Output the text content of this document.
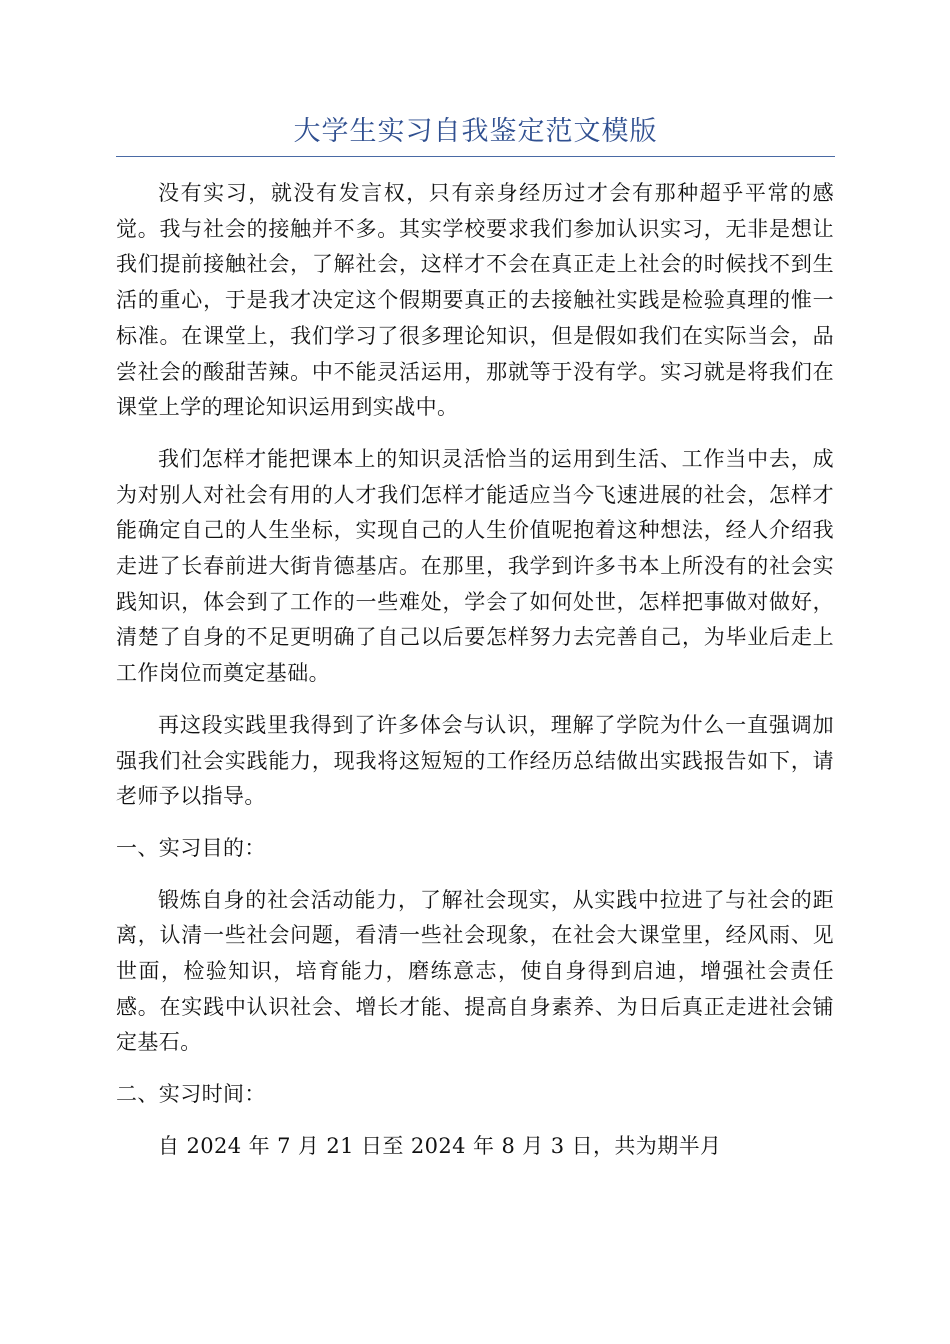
大学生实习自我鉴定范文模版

没有实习，就没有发言权，只有亲身经历过才会有那种超乎平常的感觉。我与社会的接触并不多。其实学校要求我们参加认识实习，无非是想让我们提前接触社会，了解社会，这样才不会在真正走上社会的时候找不到生活的重心，于是我才决定这个假期要真正的去接触社实践是检验真理的惟一标准。在课堂上，我们学习了很多理论知识，但是假如我们在实际当会，品尝社会的酸甜苦辣。中不能灵活运用，那就等于没有学。实习就是将我们在课堂上学的理论知识运用到实战中。

我们怎样才能把课本上的知识灵活恰当的运用到生活、工作当中去，成为对别人对社会有用的人才我们怎样才能适应当今飞速进展的社会，怎样才能确定自己的人生坐标，实现自己的人生价值呢抱着这种想法，经人介绍我走进了长春前进大街肯德基店。在那里，我学到许多书本上所没有的社会实践知识，体会到了工作的一些难处，学会了如何处世，怎样把事做对做好，清楚了自身的不足更明确了自己以后要怎样努力去完善自己，为毕业后走上工作岗位而奠定基础。

再这段实践里我得到了许多体会与认识，理解了学院为什么一直强调加强我们社会实践能力，现我将这短短的工作经历总结做出实践报告如下，请老师予以指导。

一、实习目的：

锻炼自身的社会活动能力，了解社会现实，从实践中拉进了与社会的距离，认清一些社会问题，看清一些社会现象，在社会大课堂里，经风雨、见世面，检验知识，培育能力，磨练意志，使自身得到启迪，增强社会责任感。在实践中认识社会、增长才能、提高自身素养、为日后真正走进社会铺定基石。

二、实习时间：

自 2024 年 7 月 21 日至 2024 年 8 月 3 日，共为期半月
